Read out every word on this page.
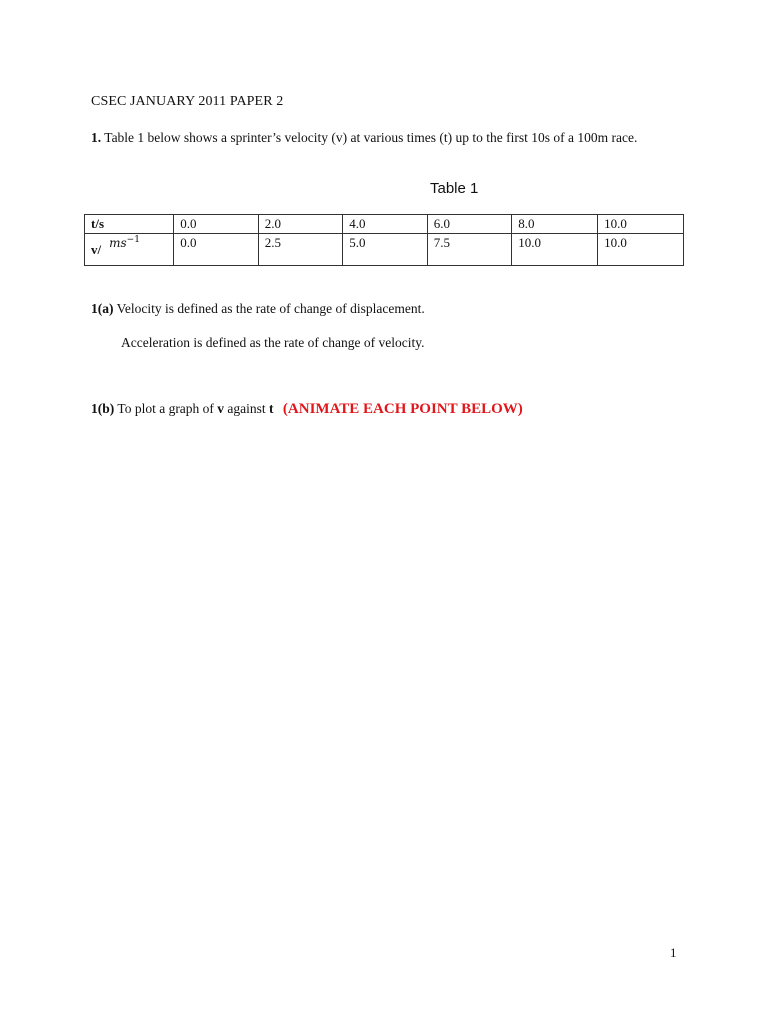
CSEC JANUARY 2011 PAPER 2

1. Table 1 below shows a sprinter’s velocity (v) at various times (t) up to the first 10s of a 100m race.

Table 1

t/s	0.0	2.0	4.0	6.0	8.0	10.0
v/ $ms^{-1}$	0.0	2.5	5.0	7.5	10.0	10.0

1(a) Velocity is defined as the rate of change of displacement.

Acceleration is defined as the rate of change of velocity.

1(b) To plot a graph of v against t (ANIMATE EACH POINT BELOW)

1
